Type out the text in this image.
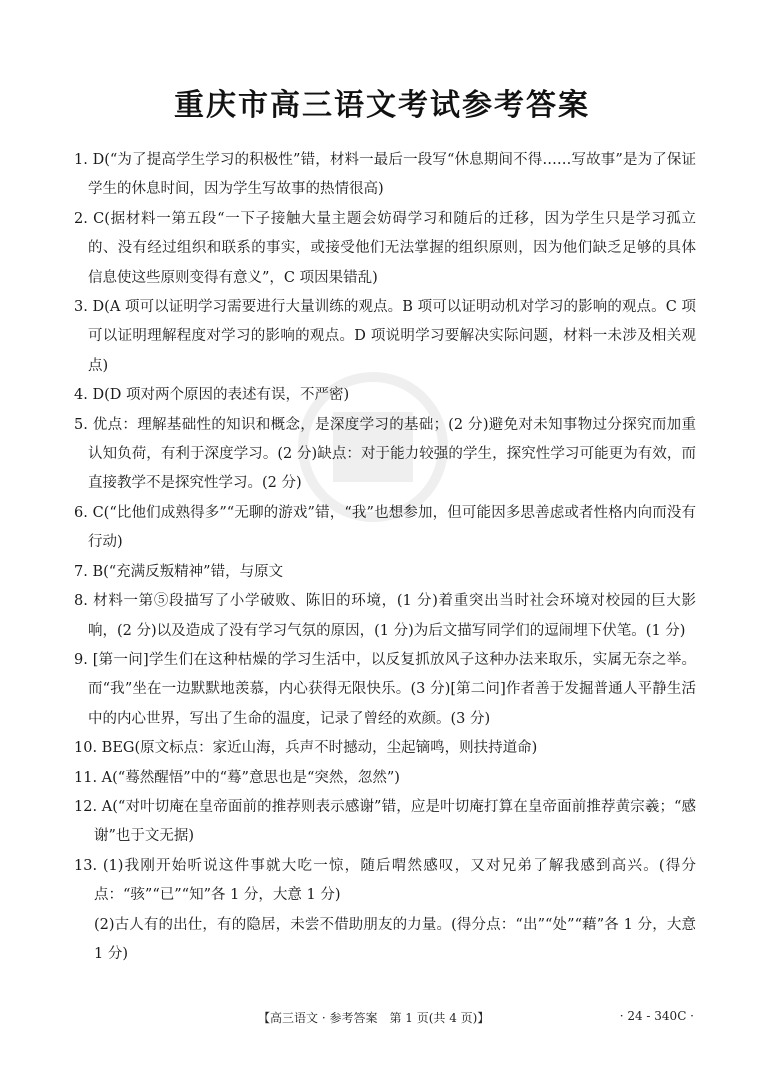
重庆市高三语文考试参考答案
1. D(“为了提高学生学习的积极性”错，材料一最后一段写“休息期间不得……写故事”是为了保证学生的休息时间，因为学生写故事的热情很高)
2. C(据材料一第五段“一下子接触大量主题会妨碍学习和随后的迁移，因为学生只是学习孤立的、没有经过组织和联系的事实，或接受他们无法掌握的组织原则，因为他们缺乏足够的具体信息使这些原则变得有意义”，C 项因果错乱)
3. D(A 项可以证明学习需要进行大量训练的观点。B 项可以证明动机对学习的影响的观点。C 项可以证明理解程度对学习的影响的观点。D 项说明学习要解决实际问题，材料一未涉及相关观点)
4. D(D 项对两个原因的表述有误，不严密)
5. 优点：理解基础性的知识和概念，是深度学习的基础；(2 分)避免对未知事物过分探究而加重认知负荷，有利于深度学习。(2 分)缺点：对于能力较强的学生，探究性学习可能更为有效，而直接教学不是探究性学习。(2 分)
6. C(“比他们成熟得多”“无聊的游戏”错，“我”也想参加，但可能因多思善虑或者性格内向而没有行动)
7. B(“充满反叛精神”错，与原文
8. 材料一第⑤段描写了小学破败、陈旧的环境，(1 分)着重突出当时社会环境对校园的巨大影响，(2 分)以及造成了没有学习气氛的原因，(1 分)为后文描写同学们的逗闹埋下伏笔。(1 分)
9. [第一问]学生们在这种枯燥的学习生活中，以反复抓放风子这种办法来取乐，实属无奈之举。而“我”坐在一边默默地羡慕，内心获得无限快乐。(3 分)[第二问]作者善于发掘普通人平静生活中的内心世界，写出了生命的温度，记录了曾经的欢颜。(3 分)
10. BEG(原文标点：家近山海，兵声不时撼动，尘起镝鸣，则扶持道命)
11. A(“蓦然醒悟”中的“蓦”意思也是“突然，忽然”)
12. A(“对叶切庵在皇帝面前的推荐则表示感谢”错，应是叶切庵打算在皇帝面前推荐黄宗羲；“感谢”也于文无据)
13. (1)我刚开始听说这件事就大吃一惊，随后喟然感叹，又对兄弟了解我感到高兴。(得分点：“骇”“已”“知”各 1 分，大意 1 分)
(2)古人有的出仕，有的隐居，未尝不借助朋友的力量。(得分点：“出”“处”“藉”各 1 分，大意 1 分)
【高三语文 · 参考答案　第 1 页(共 4 页)】	· 24 - 340C ·
